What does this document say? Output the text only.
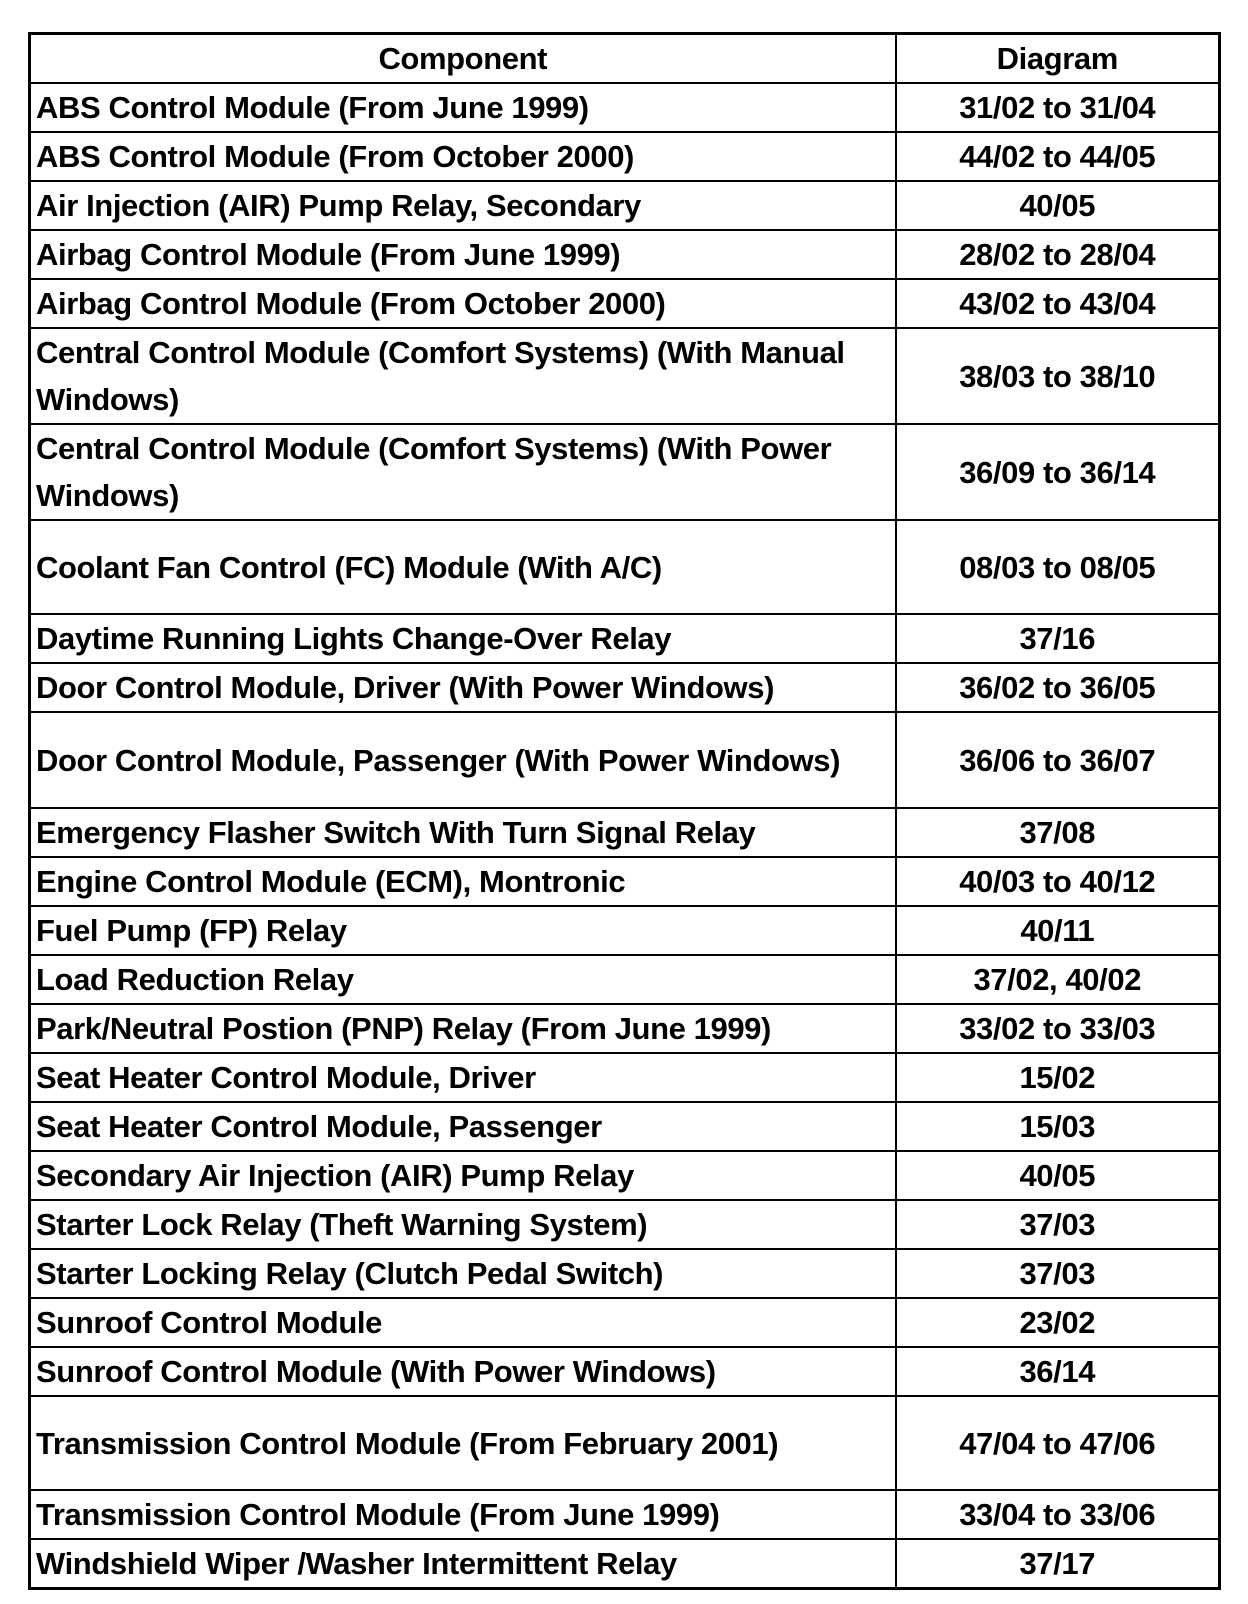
Component	Diagram
ABS Control Module (From June 1999)	31/02 to 31/04
ABS Control Module (From October 2000)	44/02 to 44/05
Air Injection (AIR) Pump Relay, Secondary	40/05
Airbag Control Module (From June 1999)	28/02 to 28/04
Airbag Control Module (From October 2000)	43/02 to 43/04
Central Control Module (Comfort Systems) (With Manual Windows)	38/03 to 38/10
Central Control Module (Comfort Systems) (With Power Windows)	36/09 to 36/14
Coolant Fan Control (FC) Module (With A/C)	08/03 to 08/05
Daytime Running Lights Change-Over Relay	37/16
Door Control Module, Driver (With Power Windows)	36/02 to 36/05
Door Control Module, Passenger (With Power Windows)	36/06 to 36/07
Emergency Flasher Switch With Turn Signal Relay	37/08
Engine Control Module (ECM), Montronic	40/03 to 40/12
Fuel Pump (FP) Relay	40/11
Load Reduction Relay	37/02, 40/02
Park/Neutral Postion (PNP) Relay (From June 1999)	33/02 to 33/03
Seat Heater Control Module, Driver	15/02
Seat Heater Control Module, Passenger	15/03
Secondary Air Injection (AIR) Pump Relay	40/05
Starter Lock Relay (Theft Warning System)	37/03
Starter Locking Relay (Clutch Pedal Switch)	37/03
Sunroof Control Module	23/02
Sunroof Control Module (With Power Windows)	36/14
Transmission Control Module (From February 2001)	47/04 to 47/06
Transmission Control Module (From June 1999)	33/04 to 33/06
Windshield Wiper /Washer Intermittent Relay	37/17
